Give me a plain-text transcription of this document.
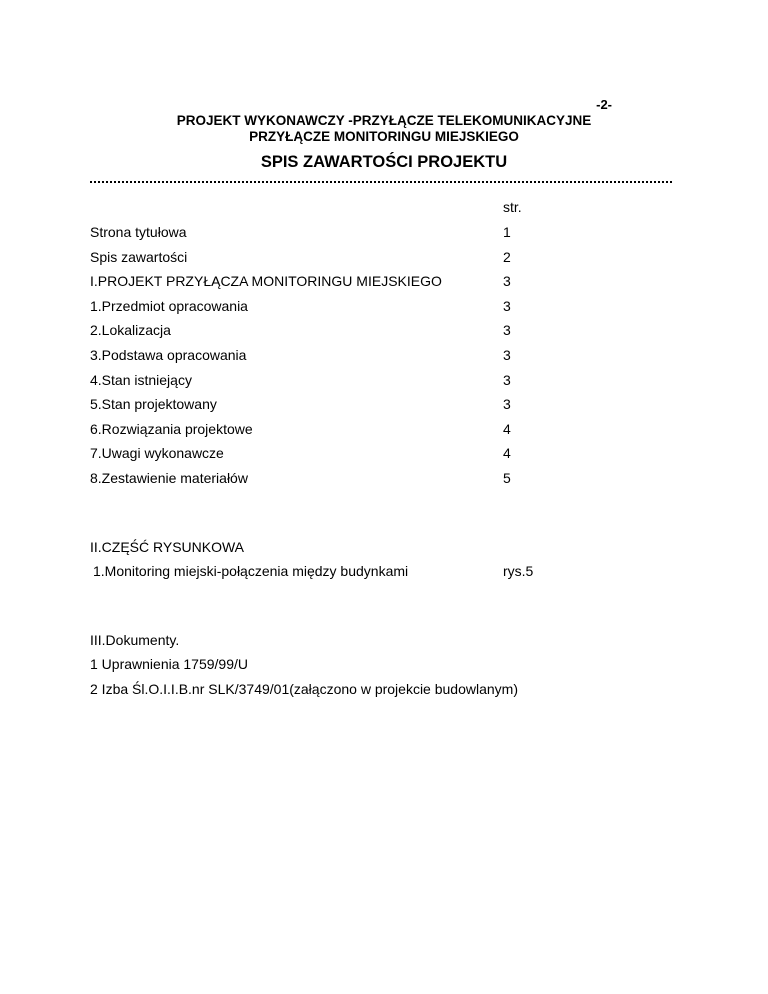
-2-
PROJEKT WYKONAWCZY -PRZYŁĄCZE TELEKOMUNIKACYJNE
PRZYŁĄCZE MONITORINGU MIEJSKIEGO
SPIS ZAWARTOŚCI PROJEKTU
str.
Strona tytułowa	1
Spis zawartości	2
I.PROJEKT PRZYŁĄCZA MONITORINGU MIEJSKIEGO	3
1.Przedmiot opracowania	3
2.Lokalizacja	3
3.Podstawa opracowania	3
4.Stan istniejący	3
5.Stan projektowany	3
6.Rozwiązania projektowe	4
7.Uwagi wykonawcze	4
8.Zestawienie materiałów	5
II.CZĘŚĆ RYSUNKOWA
1.Monitoring miejski-połączenia między budynkami	rys.5
III.Dokumenty.
1 Uprawnienia 1759/99/U
2 Izba Śl.O.I.I.B.nr SLK/3749/01(załączono w projekcie budowlanym)
